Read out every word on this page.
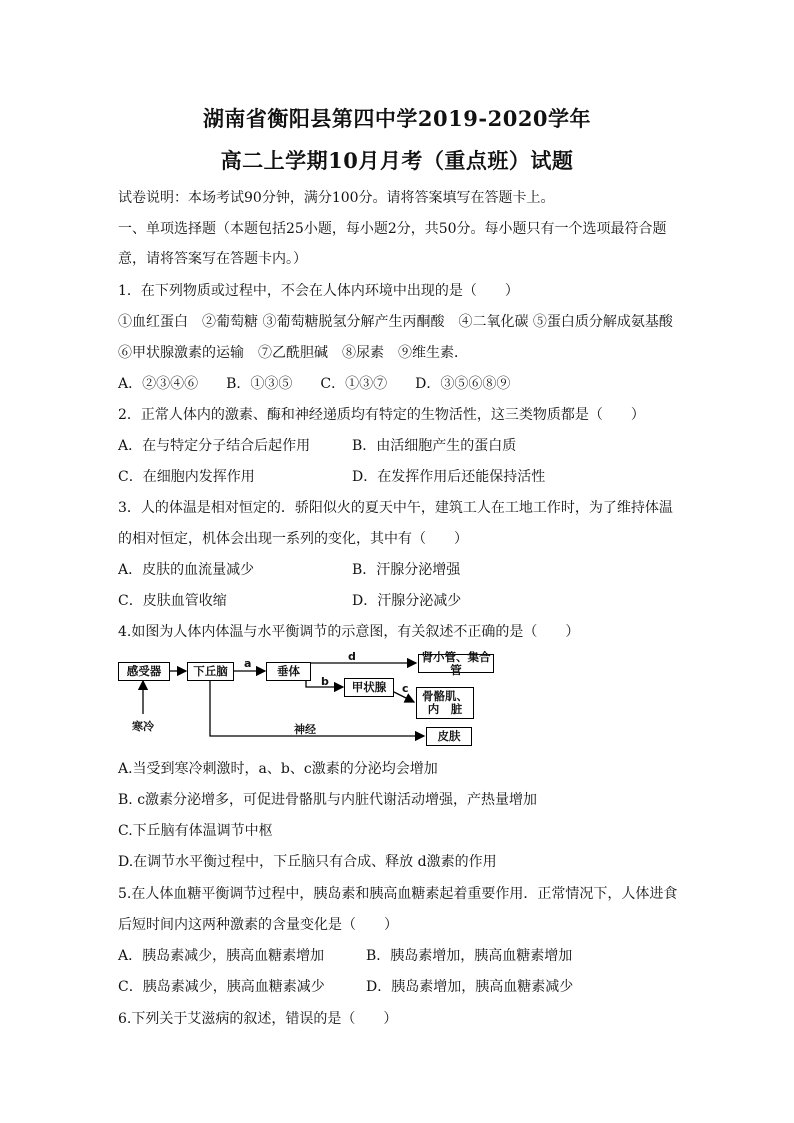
湖南省衡阳县第四中学2019-2020学年
高二上学期10月月考（重点班）试题
试卷说明：本场考试90分钟，满分100分。请将答案填写在答题卡上。
一、单项选择题（本题包括25小题，每小题2分，共50分。每小题只有一个选项最符合题
意，请将答案写在答题卡内。）
1．在下列物质或过程中，不会在人体内环境中出现的是（　　）
①血红蛋白　②葡萄糖 ③葡萄糖脱氢分解产生丙酮酸　④二氧化碳 ⑤蛋白质分解成氨基酸
⑥甲状腺激素的运输　⑦乙酰胆碱　⑧尿素　⑨维生素．
A．②③④⑥　　B．①③⑤　　C．①③⑦　　D．③⑤⑥⑧⑨
2．正常人体内的激素、酶和神经递质均有特定的生物活性，这三类物质都是（　　）
A．在与特定分子结合后起作用	B．由活细胞产生的蛋白质
C．在细胞内发挥作用	D．在发挥作用后还能保持活性
3．人的体温是相对恒定的．骄阳似火的夏天中午，建筑工人在工地工作时，为了维持体温
的相对恒定，机体会出现一系列的变化，其中有（　　）
A．皮肤的血流量减少	B．汗腺分泌增强
C．皮肤血管收缩	D．汗腺分泌减少
4.如图为人体内体温与水平衡调节的示意图，有关叙述不正确的是（　　）
感受器	下丘脑	垂体
肾小管、集合管
甲状腺
骨骼肌、
内　脏
皮肤
寒冷	神经
a
b
c
d
A.当受到寒冷刺激时，a、b、c激素的分泌均会增加
B. c激素分泌增多，可促进骨骼肌与内脏代谢活动增强，产热量增加
C.下丘脑有体温调节中枢
D.在调节水平衡过程中，下丘脑只有合成、释放 d激素的作用
5.在人体血糖平衡调节过程中，胰岛素和胰高血糖素起着重要作用．正常情况下，人体进食
后短时间内这两种激素的含量变化是（　　）
A．胰岛素减少，胰高血糖素增加	B．胰岛素增加，胰高血糖素增加
C．胰岛素减少，胰高血糖素减少	D．胰岛素增加，胰高血糖素减少
6.下列关于艾滋病的叙述，错误的是（　　）
